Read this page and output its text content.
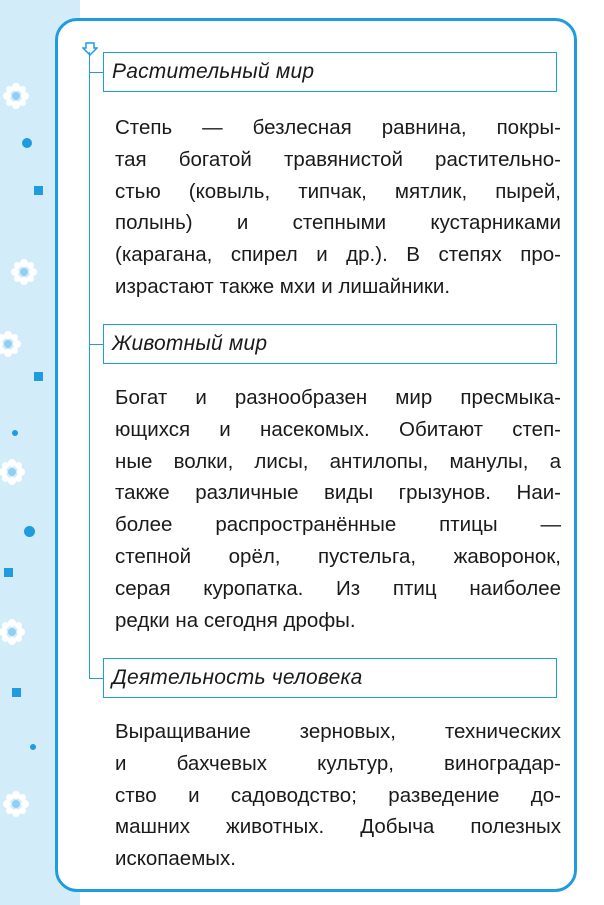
Растительный мир
Степь — безлесная равнина, покры-
тая богатой травянистой растительно-
стью (ковыль, типчак, мятлик, пырей,
полынь) и степными кустарниками
(карагана, спирел и др.). В степях про-
израстают также мхи и лишайники.
Животный мир
Богат и разнообразен мир пресмыка-
ющихся и насекомых. Обитают степ-
ные волки, лисы, антилопы, манулы, а
также различные виды грызунов. Наи-
более распространённые птицы —
степной орёл, пустельга, жаворонок,
серая куропатка. Из птиц наиболее
редки на сегодня дрофы.
Деятельность человека
Выращивание зерновых, технических
и бахчевых культур, виноградар-
ство и садоводство; разведение до-
машних животных. Добыча полезных
ископаемых.
